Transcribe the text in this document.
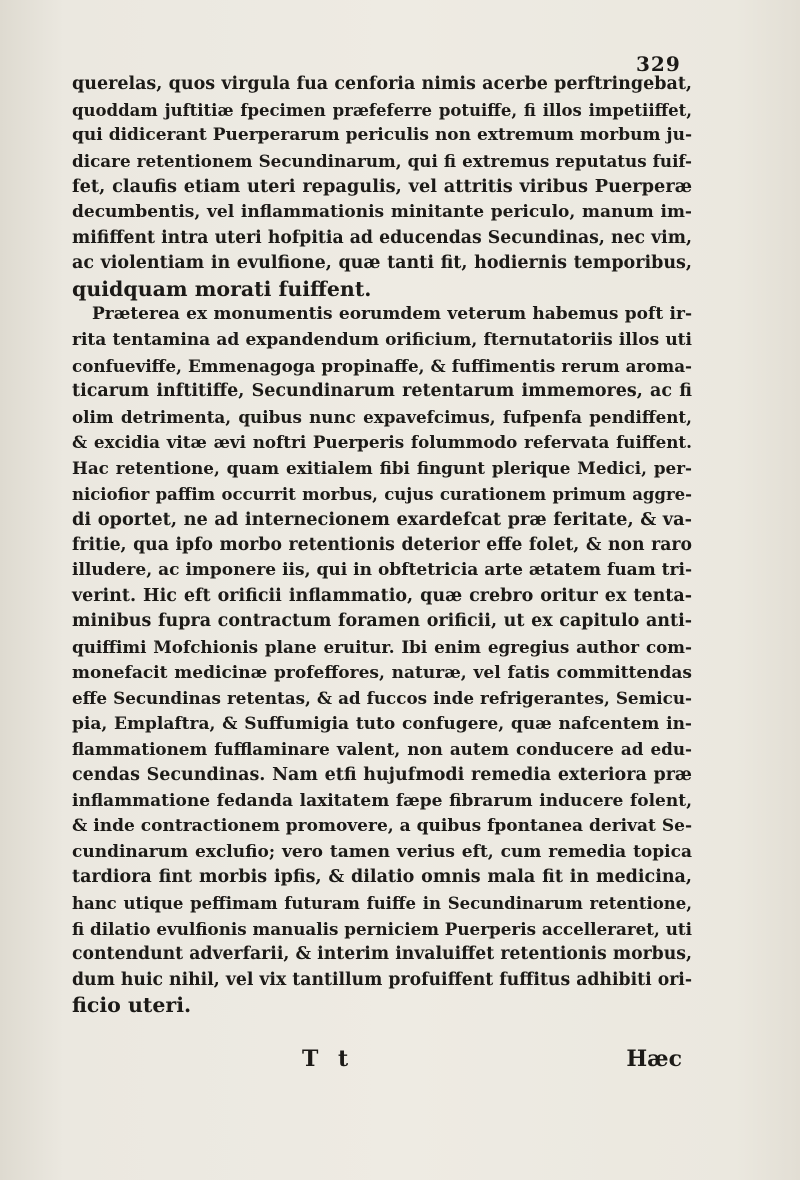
329
querelas, quos virgula fua cenforia nimis acerbe perftringebat,
quoddam juftitiæ fpecimen præfeferre potuiffe, fi illos impetiiffet,
qui didicerant Puerperarum periculis non extremum morbum ju-
dicare retentionem Secundinarum, qui fi extremus reputatus fuif-
fet, claufis etiam uteri repagulis, vel attritis viribus Puerperæ
decumbentis, vel inflammationis minitante periculo, manum im-
mififfent intra uteri hofpitia ad educendas Secundinas, nec vim,
ac violentiam in evulfione, quæ tanti fit, hodiernis temporibus,
quidquam morati fuiffent.
Præterea ex monumentis eorumdem veterum habemus poft ir-
rita tentamina ad expandendum orificium, fternutatoriis illos uti
confueviffe, Emmenagoga propinaffe, & fuffimentis rerum aroma-
ticarum inftitiffe, Secundinarum retentarum immemores, ac fi
olim detrimenta, quibus nunc expavefcimus, fufpenfa pendiffent,
& excidia vitæ ævi noftri Puerperis folummodo refervata fuiffent.
Hac retentione, quam exitialem fibi fingunt plerique Medici, per-
niciofior paffim occurrit morbus, cujus curationem primum aggre-
di oportet, ne ad internecionem exardefcat præ feritate, & va-
fritie, qua ipfo morbo retentionis deterior effe folet, & non raro
illudere, ac imponere iis, qui in obftetricia arte ætatem fuam tri-
verint. Hic eft orificii inflammatio, quæ crebro oritur ex tenta-
minibus fupra contractum foramen orificii, ut ex capitulo anti-
quiffimi Mofchionis plane eruitur. Ibi enim egregius author com-
monefacit medicinæ profeffores, naturæ, vel fatis committendas
effe Secundinas retentas, & ad fuccos inde refrigerantes, Semicu-
pia, Emplaftra, & Suffumigia tuto confugere, quæ nafcentem in-
flammationem fufflaminare valent, non autem conducere ad edu-
cendas Secundinas. Nam etfi hujufmodi remedia exteriora præ
inflammatione fedanda laxitatem fæpe fibrarum inducere folent,
& inde contractionem promovere, a quibus fpontanea derivat Se-
cundinarum exclufio; vero tamen verius eft, cum remedia topica
tardiora fint morbis ipfis, & dilatio omnis mala fit in medicina,
hanc utique peffimam futuram fuiffe in Secundinarum retentione,
fi dilatio evulfionis manualis perniciem Puerperis accelleraret, uti
contendunt adverfarii, & interim invaluiffet retentionis morbus,
dum huic nihil, vel vix tantillum profuiffent fuffitus adhibiti ori-
ficio uteri.
T t	Hæc
